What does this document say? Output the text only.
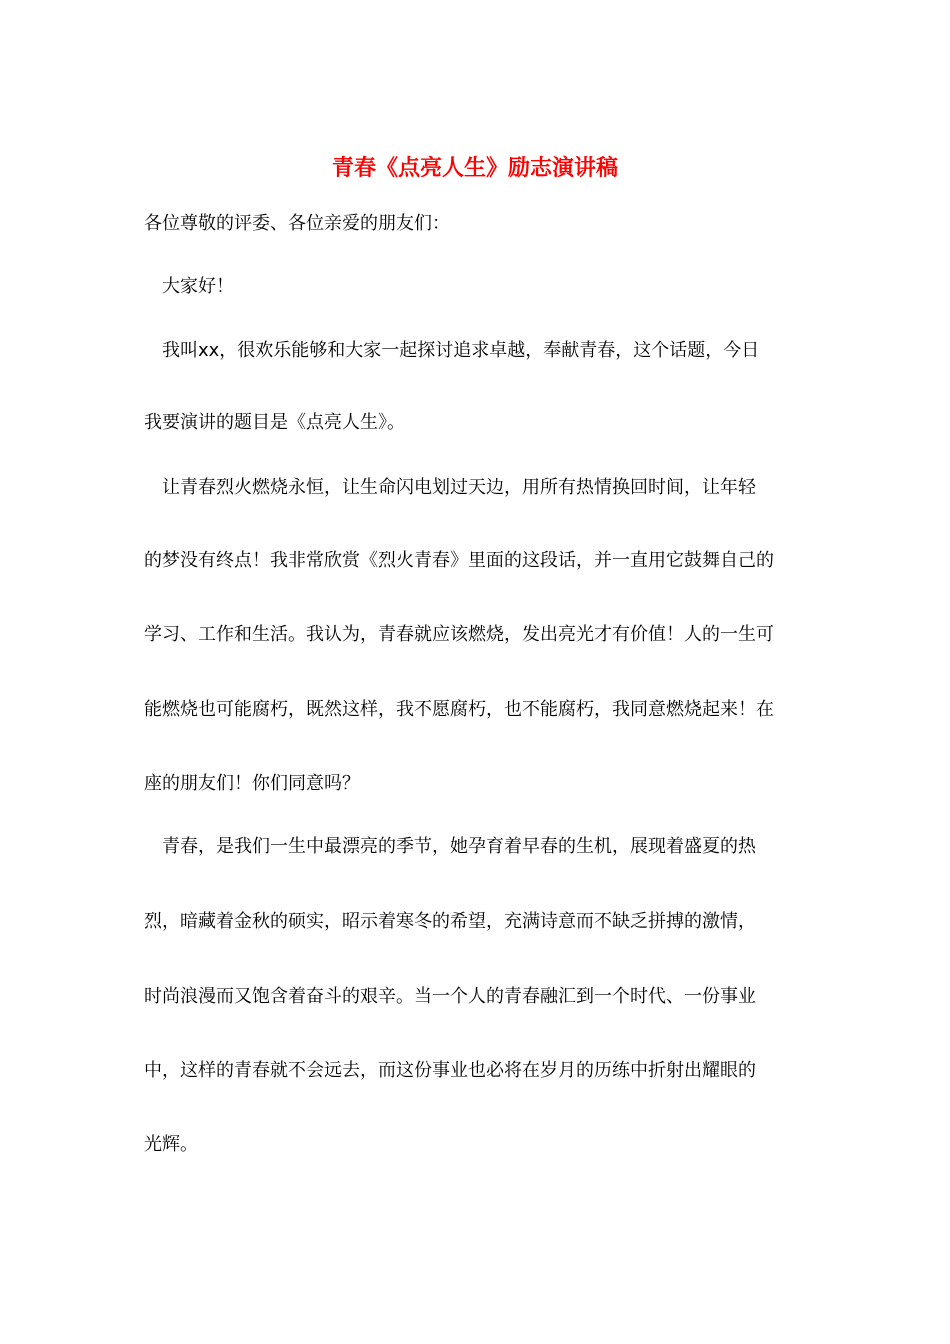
青春《点亮人生》励志演讲稿
各位尊敬的评委、各位亲爱的朋友们：
大家好！
我叫xx，很欢乐能够和大家一起探讨追求卓越，奉献青春，这个话题，今日
我要演讲的题目是《点亮人生》。
让青春烈火燃烧永恒，让生命闪电划过天边，用所有热情换回时间，让年轻
的梦没有终点！我非常欣赏《烈火青春》里面的这段话，并一直用它鼓舞自己的
学习、工作和生活。我认为，青春就应该燃烧，发出亮光才有价值！人的一生可
能燃烧也可能腐朽，既然这样，我不愿腐朽，也不能腐朽，我同意燃烧起来！在
座的朋友们！你们同意吗？
青春，是我们一生中最漂亮的季节，她孕育着早春的生机，展现着盛夏的热
烈，暗藏着金秋的硕实，昭示着寒冬的希望，充满诗意而不缺乏拼搏的激情，
时尚浪漫而又饱含着奋斗的艰辛。当一个人的青春融汇到一个时代、一份事业
中，这样的青春就不会远去，而这份事业也必将在岁月的历练中折射出耀眼的
光辉。
